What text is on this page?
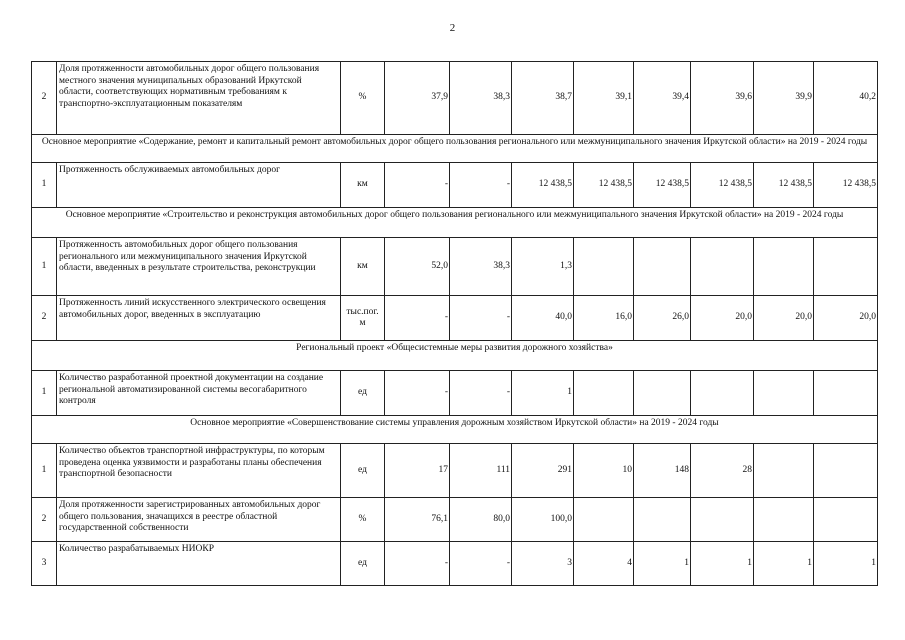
2
2	Доля протяженности автомобильных дорог общего пользования местного значения муниципальных образований Иркутской области, соответствующих нормативным требованиям к транспортно-эксплуатационным показателям	%	37,9	38,3	38,7	39,1	39,4	39,6	39,9	40,2
Основное мероприятие «Содержание, ремонт и капитальный ремонт автомобильных дорог общего пользования регионального или межмуниципального значения Иркутской области» на 2019 - 2024 годы										
1	Протяженность обслуживаемых автомобильных дорог	км	-	-	12 438,5	12 438,5	12 438,5	12 438,5	12 438,5	12 438,5
Основное мероприятие «Строительство и реконструкция автомобильных дорог общего пользования регионального или межмуниципального значения Иркутской области» на 2019 - 2024 годы										
1	Протяженность автомобильных дорог общего пользования регионального или межмуниципального значения Иркутской области, введенных в результате строительства, реконструкции	км	52,0	38,3	1,3					
2	Протяженность линий искусственного электрического освещения автомобильных дорог, введенных в эксплуатацию	тыс.пог. м	-	-	40,0	16,0	26,0	20,0	20,0	20,0
Региональный проект «Общесистемные меры развития дорожного хозяйства»										
1	Количество разработанной проектной документации на создание региональной автоматизированной системы весогабаритного контроля	ед	-	-	1					
Основное мероприятие «Совершенствование системы управления дорожным хозяйством Иркутской области» на 2019 - 2024 годы										
1	Количество объектов транспортной инфраструктуры, по которым проведена оценка уязвимости и разработаны планы обеспечения транспортной безопасности	ед	17	111	291	10	148	28		
2	Доля протяженности зарегистрированных автомобильных дорог общего пользования, значащихся в реестре областной государственной собственности	%	76,1	80,0	100,0					
3	Количество разрабатываемых НИОКР	ед	-	-	3	4	1	1	1	1
